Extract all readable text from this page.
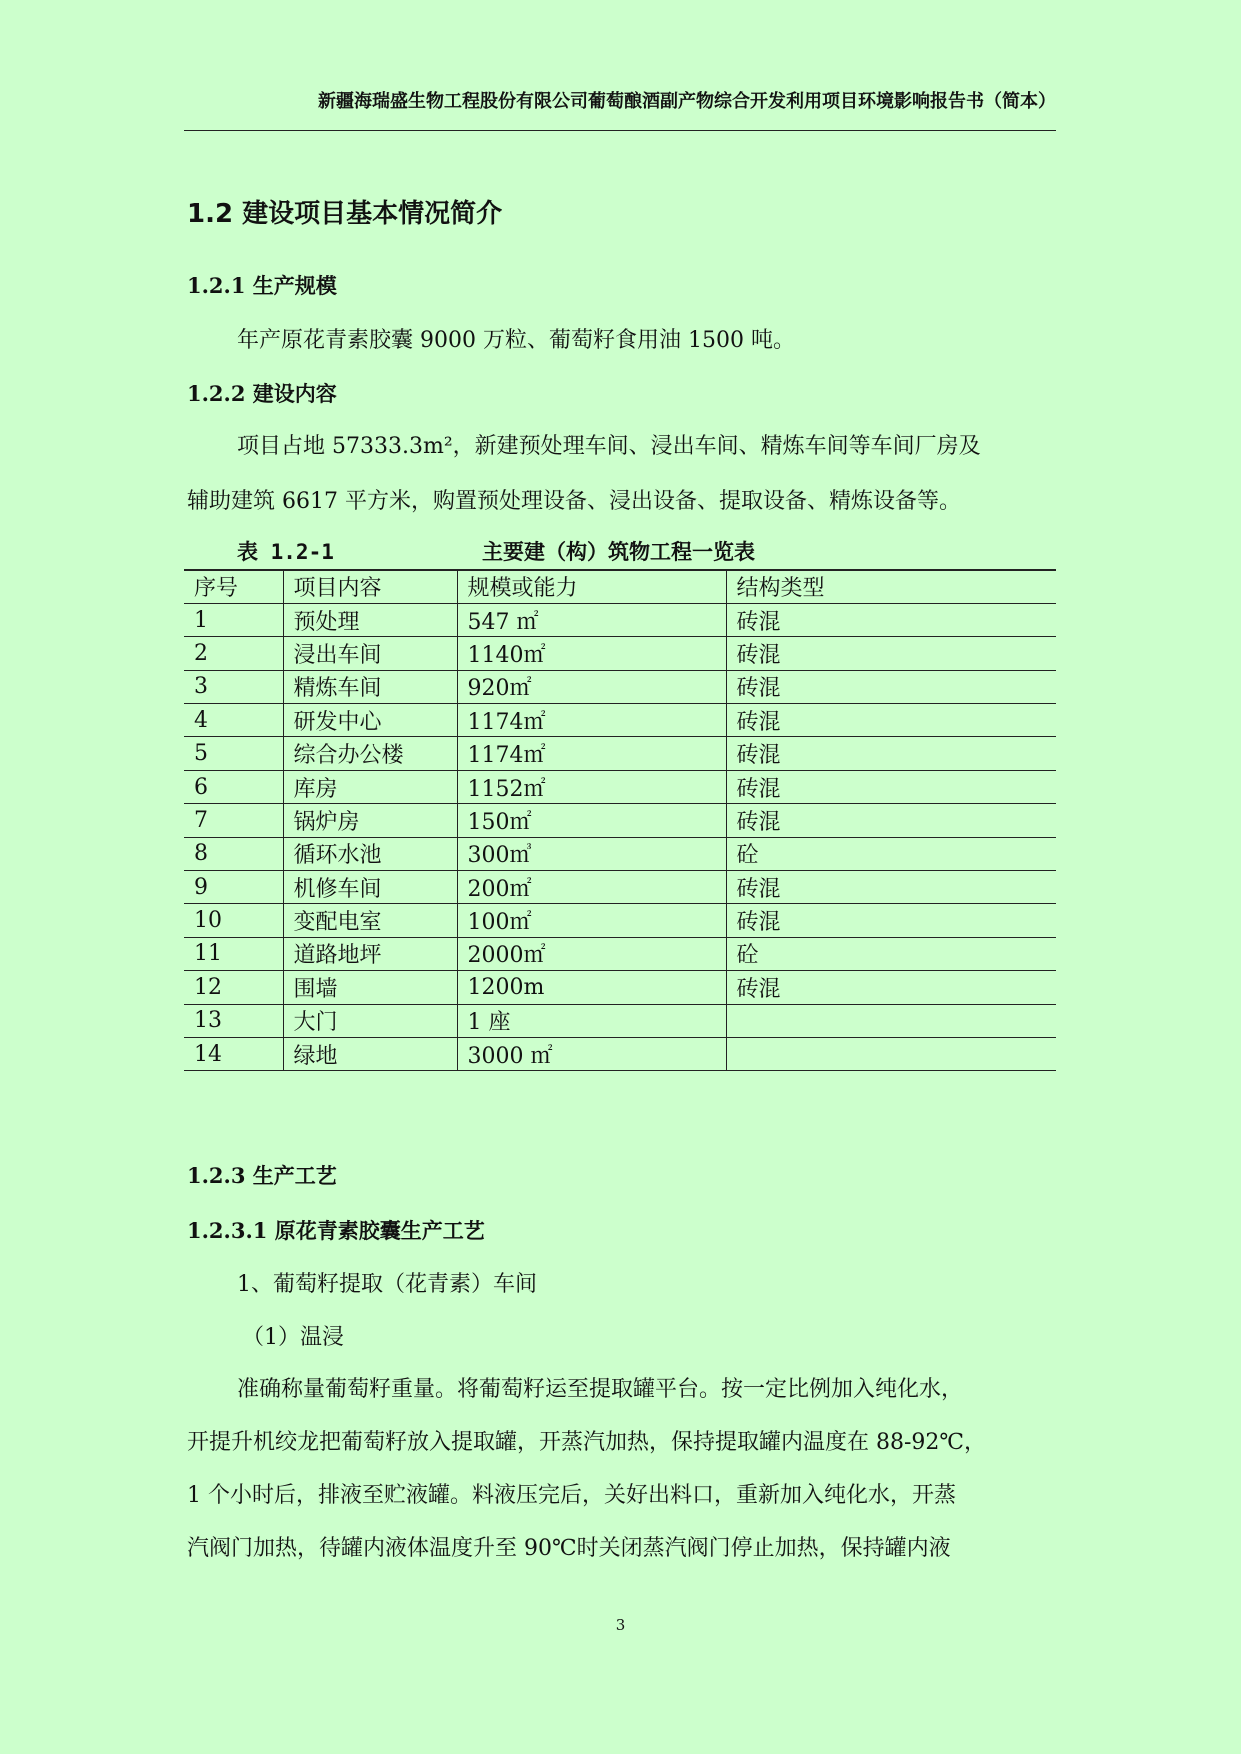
新疆海瑞盛生物工程股份有限公司葡萄酿酒副产物综合开发利用项目环境影响报告书（简本）
1.2 建设项目基本情况简介
1.2.1 生产规模
年产原花青素胶囊 9000 万粒、葡萄籽食用油 1500 吨。
1.2.2 建设内容
项目占地 57333.3m²，新建预处理车间、浸出车间、精炼车间等车间厂房及
辅助建筑 6617 平方米，购置预处理设备、浸出设备、提取设备、精炼设备等。
表 1.2-1	主要建（构）筑物工程一览表
序号	项目内容	规模或能力	结构类型
1	预处理	547 ㎡	砖混
2	浸出车间	1140㎡	砖混
3	精炼车间	920㎡	砖混
4	研发中心	1174㎡	砖混
5	综合办公楼	1174㎡	砖混
6	库房	1152㎡	砖混
7	锅炉房	150㎡	砖混
8	循环水池	300㎥	砼
9	机修车间	200㎡	砖混
10	变配电室	100㎡	砖混
11	道路地坪	2000㎡	砼
12	围墙	1200m	砖混
13	大门	1 座	
14	绿地	3000 ㎡	
1.2.3 生产工艺
1.2.3.1 原花青素胶囊生产工艺
1、葡萄籽提取（花青素）车间
（1）温浸
准确称量葡萄籽重量。将葡萄籽运至提取罐平台。按一定比例加入纯化水，
开提升机绞龙把葡萄籽放入提取罐，开蒸汽加热，保持提取罐内温度在 88-92℃，
1 个小时后，排液至贮液罐。料液压完后，关好出料口，重新加入纯化水，开蒸
汽阀门加热，待罐内液体温度升至 90℃时关闭蒸汽阀门停止加热，保持罐内液
3
